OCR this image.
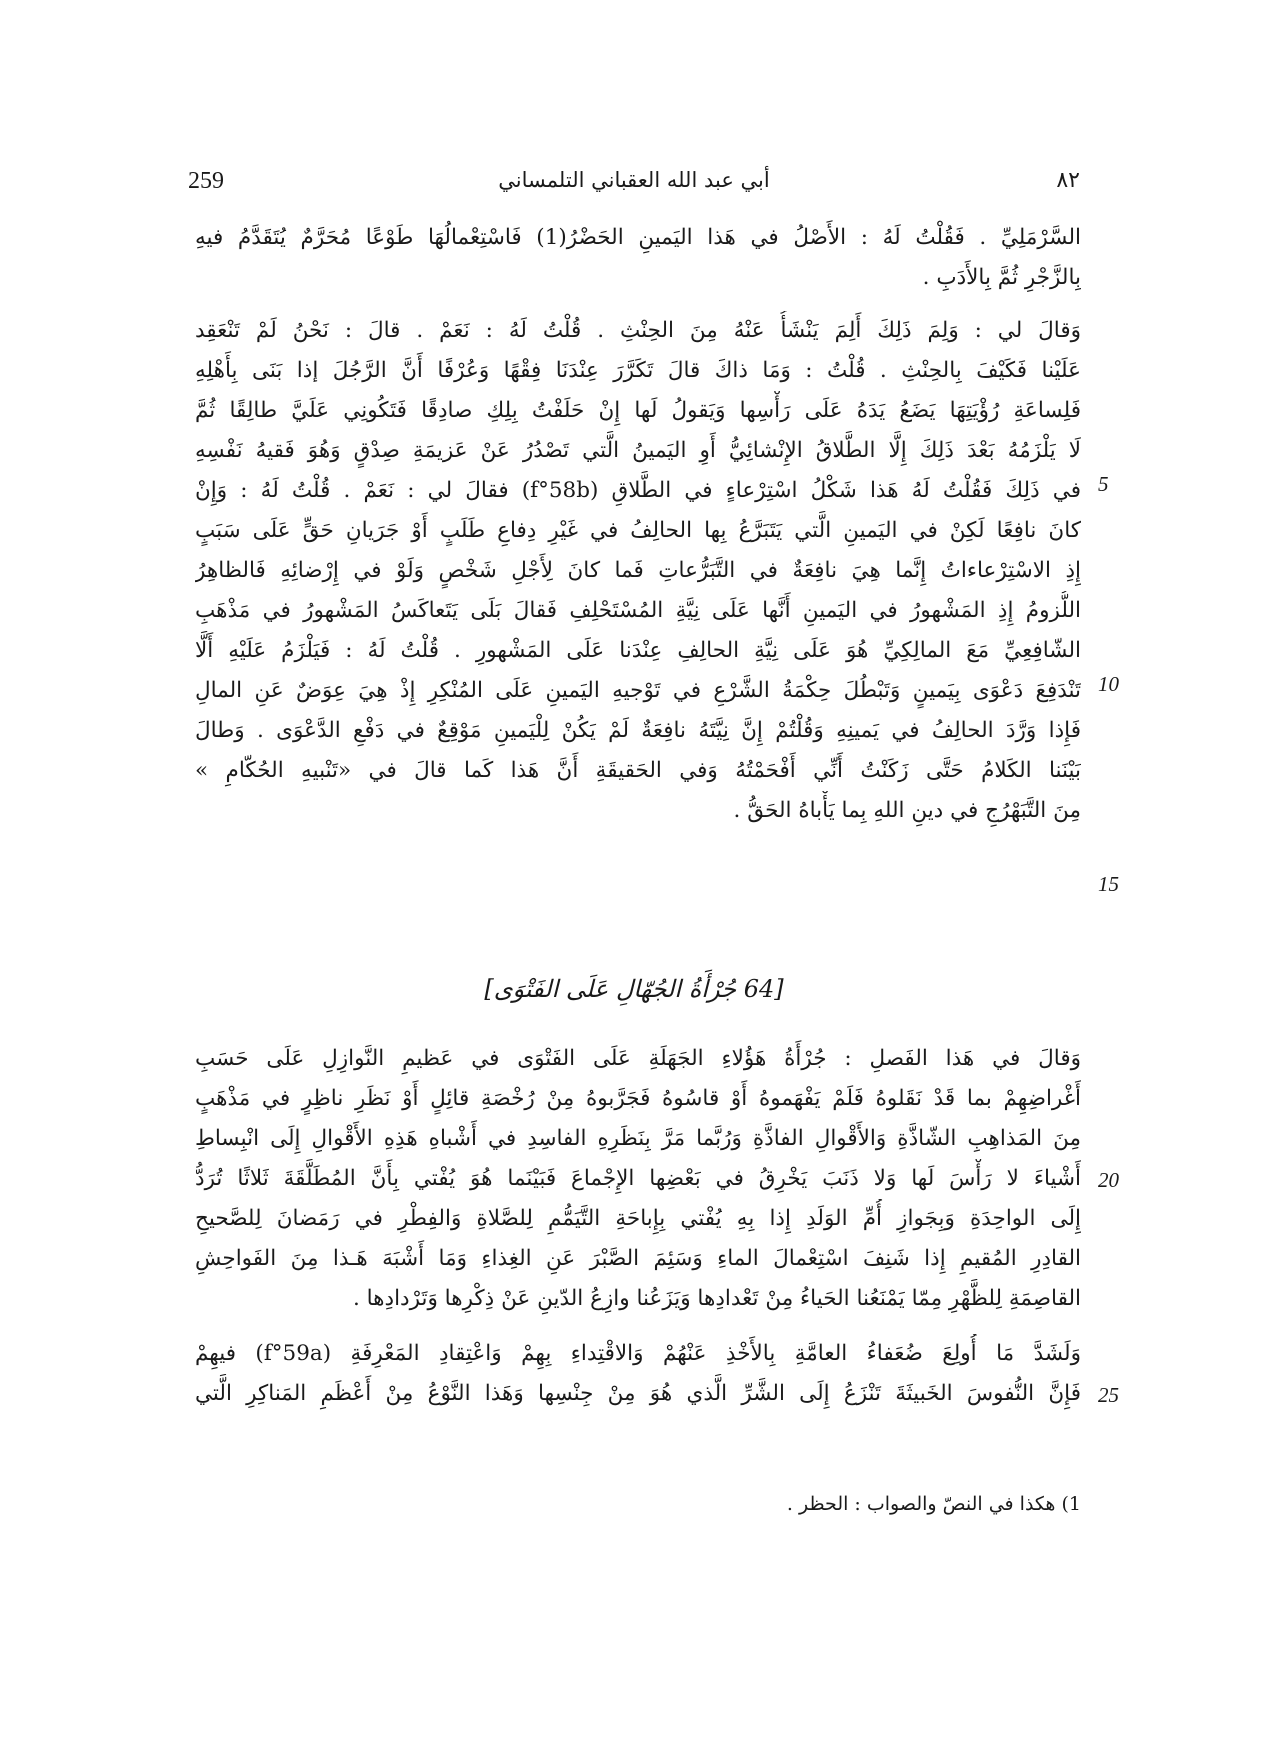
259	أبي عبد الله العقباني التلمساني	٨٢
السَّرْمَلِيِّ . فَقُلْتُ لَهُ : الأَصْلُ في هَذا اليَمينِ الحَضْرُ(1) فَاسْتِعْمالُهَا طَوْعًا مُحَرَّمٌ يُتَقَدَّمُ فيهِ
بِالزَّجْرِ ثُمَّ بِالأَدَبِ .
وَقالَ لي : وَلِمَ ذَلِكَ أَلِمَ يَنْشَأُ عَنْهُ مِنَ الحِنْثِ . قُلْتُ لَهُ : نَعَمْ . قالَ : نَحْنُ لَمْ تَنْعَقِد
عَلَيْنا فَكَيْفَ بِالحِنْثِ . قُلْتُ : وَمَا ذاكَ قالَ تَكَرَّرَ عِنْدَنَا فِقْهًا وَعُرْفًا أَنَّ الرَّجُلَ إذا بَنَى بِأَهْلِهِ
فَلِساعَةِ رُؤْيَتِهَا يَضَعُ يَدَهُ عَلَى رَأْسِها وَيَقولُ لَها إِنْ حَلَفْتُ بِلِكِ صادِقًا فَتَكُونِي عَلَيَّ طالِقًا ثُمَّ
لَا يَلْزَمُهُ بَعْدَ ذَلِكَ إِلَّا الطَّلاقُ الإِنْشائِيُّ أَوِ اليَمينُ الَّتي تَصْدُرُ عَنْ عَزيمَةِ صِدْقٍ وَهُوَ فَقيهُ نَفْسِهِ
في ذَلِكَ فَقُلْتُ لَهُ هَذا شَكْلُ اسْتِرْعاءٍ في الطَّلاقِ (f°58b) فقالَ لي : نَعَمْ . قُلْتُ لَهُ : وَإِنْ
كانَ نافِعًا لَكِنْ في اليَمينِ الَّتي يَتَبَرَّعُ بِها الحالِفُ في غَيْرِ دِفاعِ طَلَبٍ أَوْ جَرَيانِ حَقٍّ عَلَى سَبَبٍ
إِذِ الاسْتِرْعاءاتُ إِنَّما هِيَ نافِعَةٌ في التَّبَرُّعاتِ فَما كانَ لِأَجْلِ شَخْصٍ وَلَوْ في إِرْضائِهِ فَالظاهِرُ
اللُّزومُ إِذِ المَشْهورُ في اليَمينِ أَنَّها عَلَى نِيَّةِ المُسْتَحْلِفِ فَقالَ بَلَى يَتَعاكَسُ المَشْهورُ في مَذْهَبِ
الشّافِعِيِّ مَعَ المالِكِيِّ هُوَ عَلَى نِيَّةِ الحالِفِ عِنْدَنا عَلَى المَشْهورِ . قُلْتُ لَهُ : فَيَلْزَمُ عَلَيْهِ أَلَّا
تَنْدَفِعَ دَعْوَى بِيَمينٍ وَتَبْطُلَ حِكْمَةُ الشَّرْعِ في تَوْجيهِ اليَمينِ عَلَى المُنْكِرِ إِذْ هِيَ عِوَضٌ عَنِ المالِ
فَإِذا وَرَّدَ الحالِفُ في يَمينِهِ وَقُلْتُمْ إِنَّ نِيَّتَهُ نافِعَةٌ لَمْ يَكُنْ لِلْيَمينِ مَوْقِعٌ في دَفْعِ الدَّعْوَى . وَطالَ
بَيْنَنا الكَلامُ حَتَّى زَكَنْتُ أَنِّي أَفْحَمْتُهُ وَفي الحَقيقَةِ أَنَّ هَذا كَما قالَ في «تَنْبيهِ الحُكّامِ »
مِنَ التَّبَهْرُجِ في دينِ اللهِ بِما يَأْباهُ الحَقُّ .
[64 جُرْأَةُ الجُهّالِ عَلَى الفَتْوَى]
وَقالَ في هَذا الفَصلِ : جُرْأَةُ هَؤُلاءِ الجَهَلَةِ عَلَى الفَتْوَى في عَظيمِ النَّوازِلِ عَلَى حَسَبِ
أَغْراضِهِمْ بما قَدْ نَقَلوهُ فَلَمْ يَفْهَموهُ أَوْ قاسُوهُ فَجَرَّبوهُ مِنْ رُخْصَةِ قائِلٍ أَوْ نَظَرِ ناظِرٍ في مَذْهَبٍ
مِنَ المَذاهِبِ الشّاذَّةِ وَالأَقْوالِ الفاذَّةِ وَرُبَّما مَرَّ بِنَظَرِهِ الفاسِدِ في أَشْباهِ هَذِهِ الأَقْوالِ إِلَى انْبِساطِ
أَشْياءَ لا رَأْسَ لَها وَلا ذَنَبَ يَخْرِقُ في بَعْضِها الإِجْماعَ فَبَيْنَما هُوَ يُفْتي بِأَنَّ المُطَلَّقَةَ ثَلاثًا تُرَدُّ
إِلَى الواحِدَةِ وَبِجَوازِ أُمِّ الوَلَدِ إِذا بِهِ يُفْتي بِإِباحَةِ التَّيَمُّمِ لِلصَّلاةِ وَالفِطْرِ في رَمَضانَ لِلصَّحيحِ
القادِرِ المُقيمِ إِذا شَنِفَ اسْتِعْمالَ الماءِ وَسَئِمَ الصَّبْرَ عَنِ الغِذاءِ وَمَا أَشْبَهَ هَـذا مِنَ الفَواحِشِ
القاصِمَةِ لِلظَّهْرِ مِمّا يَمْنَعُنا الحَياءُ مِنْ تَعْدادِها وَيَزَعُنا وازِعُ الدّينِ عَنْ ذِكْرِها وَتَرْدادِها .
وَلَشَدَّ مَا أُولِعَ ضُعَفاءُ العامَّةِ بِالأَخْذِ عَنْهُمْ وَالاقْتِداءِ بِهِمْ وَاعْتِقادِ المَعْرِفَةِ (f°59a) فيهِمْ
فَإِنَّ النُّفوسَ الخَبيثَةَ تَنْزَعُ إِلَى الشَّرِّ الَّذي هُوَ مِنْ جِنْسِها وَهَذا النَّوْعُ مِنْ أَعْظَمِ المَناكِرِ الَّتي
5
10
15
20
25
1) هكذا في النصّ والصواب : الحظر .
